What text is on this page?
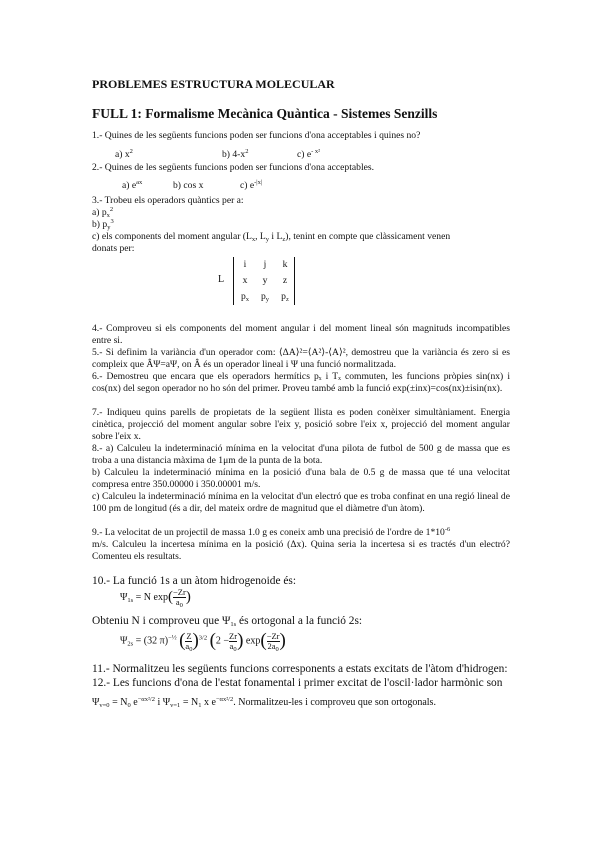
PROBLEMES ESTRUCTURA MOLECULAR
FULL 1: Formalisme Mecànica Quàntica - Sistemes Senzills
1.- Quines de les següents funcions poden ser funcions d'ona acceptables i quines no?
a) $x^2$	b) $4-x^2$	c) $e^{- x^2}$
2.- Quines de les següents funcions poden ser funcions d'ona acceptables.
a) $e^{ax}$	b) cos x	c) $e^{-|x|}$
3.- Trobeu els operadors quàntics per a:
a) $p_x^2$
b) $p_y^3$
c) els components del moment angular ($L_x$, $L_y$ i $L_z$), tenint en compte que clàssicament venen
donats per:
L
i	j	k
x	y	z
$p_x$	$p_y$	$p_z$
4.- Comproveu si els components del moment angular i del moment lineal són magnituds incompatibles entre si.
5.- Si definim la variància d'un operador com: ⟨ΔA⟩²=⟨A²⟩-⟨A⟩², demostreu que la variància és zero si es compleix que ÂΨ=aΨ, on Â és un operador lineal i Ψ una funció normalitzada.
6.- Demostreu que encara que els operadors hermítics pₓ i Tₓ commuten, les funcions pròpies sin(nx) i cos(nx) del segon operador no ho són del primer. Proveu també amb la funció exp(±inx)=cos(nx)±isin(nx).
7.- Indiqueu quins parells de propietats de la següent llista es poden conèixer simultàniament. Energia cinètica, projecció del moment angular sobre l'eix y, posició sobre l'eix x, projecció del moment angular sobre l'eix x.
8.- a) Calculeu la indeterminació mínima en la velocitat d'una pilota de futbol de 500 g de massa que es troba a una distancia màxima de 1μm de la punta de la bota.
b) Calculeu la indeterminació mínima en la posició d'una bala de 0.5 g de massa que té una velocitat compresa entre 350.00000 i 350.00001 m/s.
c) Calculeu la indeterminació mínima en la velocitat d'un electró que es troba confinat en una regió lineal de 100 pm de longitud (és a dir, del mateix ordre de magnitud que el diàmetre d'un àtom).
9.- La velocitat de un projectil de massa 1.0 g es coneix amb una precisió de l'ordre de $1*10^{-6}$
m/s. Calculeu la incertesa mínima en la posició (Δx). Quina seria la incertesa si es tractés d'un electró? Comenteu els resultats.
10.- La funció 1s a un àtom hidrogenoide és:
$\Psi_{1s} = N$ $\exp( \frac{-Zr}{a_0}$ )
Obteniu N i comproveu que $\Psi_{1s}$ és ortogonal a la funció 2s:
$\Psi_{2s} = (32$ π)$^{-\frac{1}{2}}$ ( $\frac{Z}{a_0} )^{3/2}$ ($2 - \frac{Zr}{a_0}$ ) $\exp( \frac{-Zr}{2a_0}$ )
11.- Normalitzeu les següents funcions corresponents a estats excitats de l'àtom d'hidrogen:
12.- Les funcions d'ona de l'estat fonamental i primer excitat de l'oscil·lador harmònic son
$\Psi_{v=0} = N_0$ $e^{-\alpha x^2/2}$ i $\Psi_{v=1} = N_1$ x $e^{-\alpha x^2/2}$. Normalitzeu-les i comproveu que son ortogonals.
